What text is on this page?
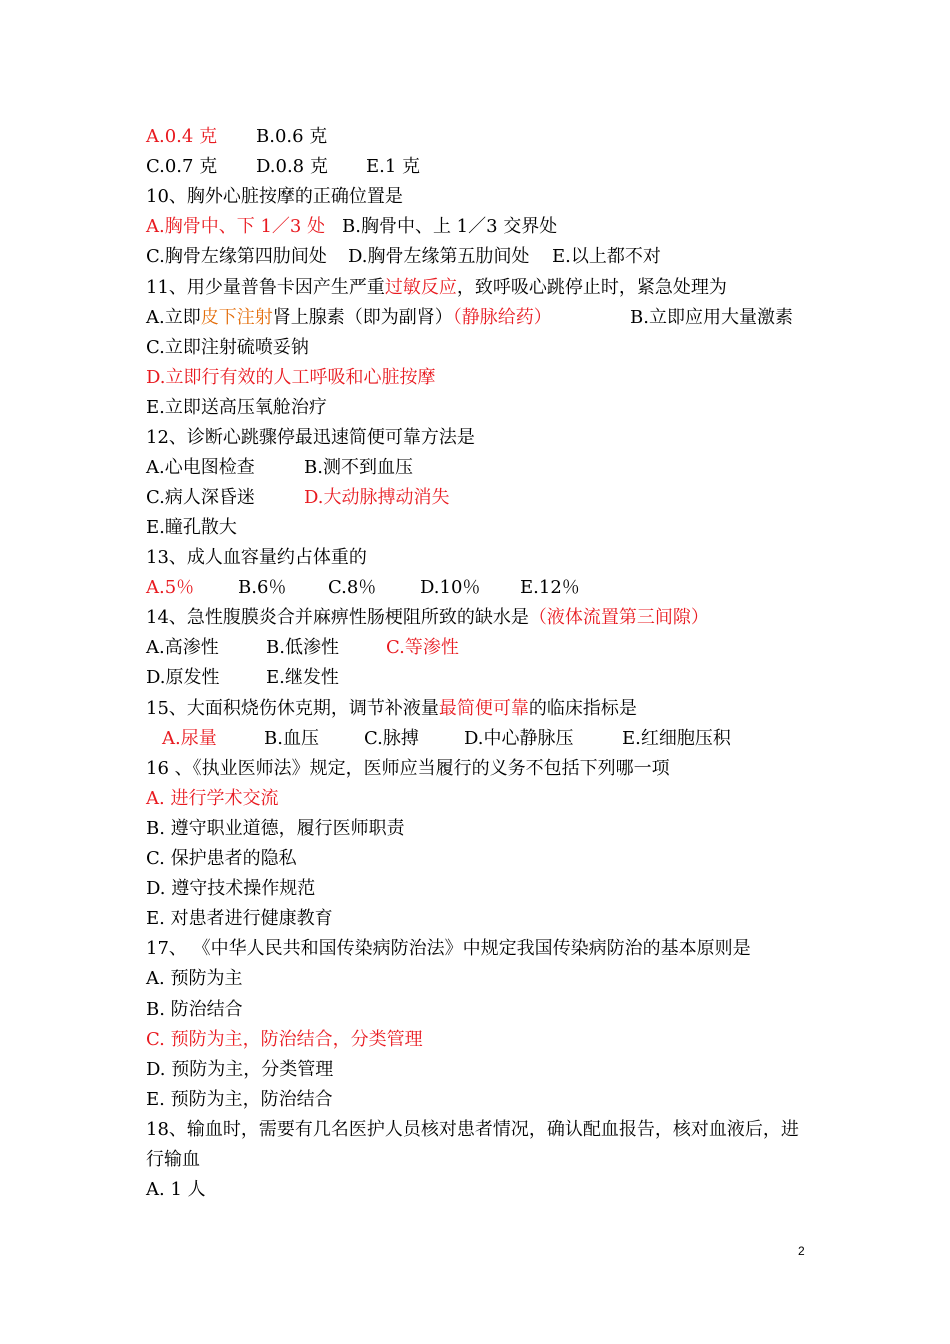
A.0.4 克 B.0.6 克
C.0.7 克 D.0.8 克 E.1 克
10、胸外心脏按摩的正确位置是
A.胸骨中、下 1／3 处 B.胸骨中、上 1／3 交界处
C.胸骨左缘第四肋间处 D.胸骨左缘第五肋间处 E.以上都不对
11、用少量普鲁卡因产生严重过敏反应，致呼吸心跳停止时，紧急处理为
A.立即皮下注射肾上腺素（即为副肾）（静脉给药）	B.立即应用大量激素
C.立即注射硫喷妥钠
D.立即行有效的人工呼吸和心脏按摩
E.立即送高压氧舱治疗
12、诊断心跳骤停最迅速简便可靠方法是
A.心电图检查	B.测不到血压
C.病人深昏迷	D.大动脉搏动消失
E.瞳孔散大
13、成人血容量约占体重的
A.5％ B.6％ C.8％ D.10％ E.12％
14、急性腹膜炎合并麻痹性肠梗阻所致的缺水是（液体流置第三间隙）
A.高渗性	B.低渗性	C.等渗性
D.原发性	E.继发性
15、大面积烧伤休克期，调节补液量最简便可靠的临床指标是
A.尿量	B.血压	C.脉搏	D.中心静脉压	E.红细胞压积
16 、《执业医师法》规定，医师应当履行的义务不包括下列哪一项
A. 进行学术交流
B. 遵守职业道德，履行医师职责
C. 保护患者的隐私
D. 遵守技术操作规范
E. 对患者进行健康教育
17、 《中华人民共和国传染病防治法》中规定我国传染病防治的基本原则是
A. 预防为主
B. 防治结合
C. 预防为主，防治结合，分类管理
D. 预防为主，分类管理
E. 预防为主，防治结合
18、输血时，需要有几名医护人员核对患者情况，确认配血报告，核对血液后，进
行输血
A. 1 人
2
